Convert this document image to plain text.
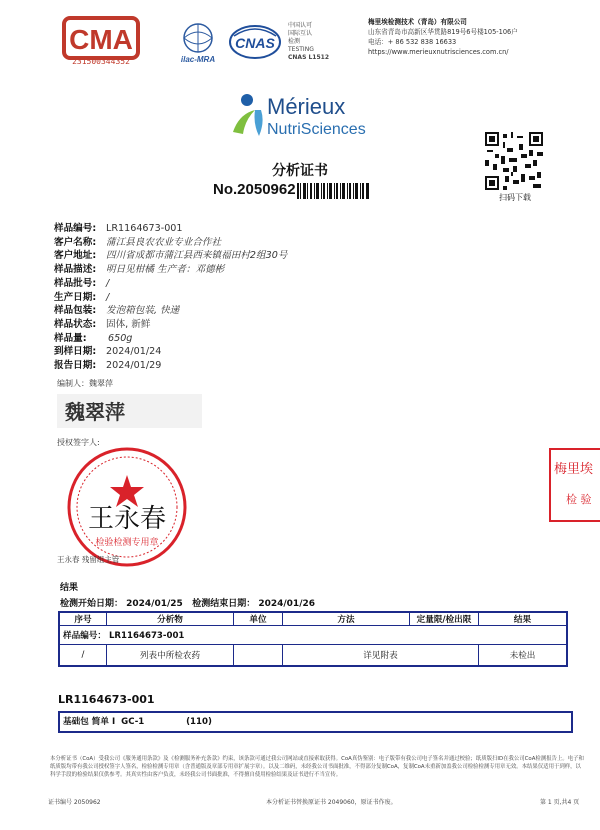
CMA
231500344352	ilac-MRA
CNAS
中国认可
国际互认
检测
TESTING
CNAS L1512
梅里埃检测技术（青岛）有限公司
山东省青岛市高新区华贯路819号6号楼105-106户
电话：+ 86 532 838 16633
https://www.merieuxnutrisciences.com.cn/
Mérieux
NutriSciences
分析证书
No.2050962	扫码下载
样品编号:	LR1164673-001
客户名称:	蒲江县良农农业专业合作社
客户地址:	四川省成都市蒲江县西来镇福田村2组30号
样品描述:	明日见柑橘 生产者：邓德彬
样品批号:	/
生产日期:	/
样品包装:	发泡箱包装, 快递
样品状态:	固体, 新鲜
样品量:	650g
到样日期:	2024/01/24
报告日期:	2024/01/29
编制人：魏翠萍
魏翠萍
授权签字人:
王永春
检验检测专用章
梅里埃
检 验
王永春 残留组主管
结果
检测开始日期： 2024/01/25   检测结束日期： 2024/01/26
序号	分析物	单位	方法	定量限/检出限	结果
样品编号： LR1164673-001					
/	列表中所检农药		详见附表		未检出
LR1164673-001
基础包 简单 I  GC-1              (110)
本分析证书（CoA）受我公司《服务通用条款》及《检测服务补充条款》约束，该条款可通过我公司网站或直接索取获得。CoA真伪鉴别：电子版带有我公司电子签名并通过校验；纸质版扫ID在我公司CoA检测报告上。电子和纸质版均带有我公司授权签字人签名，检验检测专用章（含普通版及章部专用章扩展字章）。以及二维码，未经我公司书面批准，不得部分复制CoA，复制CoA未重新加盖我公司检验检测专用章无效。本结果仅适用于到样，以科学手段的检验结果仅供参考。其真实性由客户负责，未经我公司书面批准，不得擅自使用检验结果及证书进行不当宣传。
证书编号 2050962	本分析证书替换原证书 2049060，原证书作废。	第 1 页,共4 页
